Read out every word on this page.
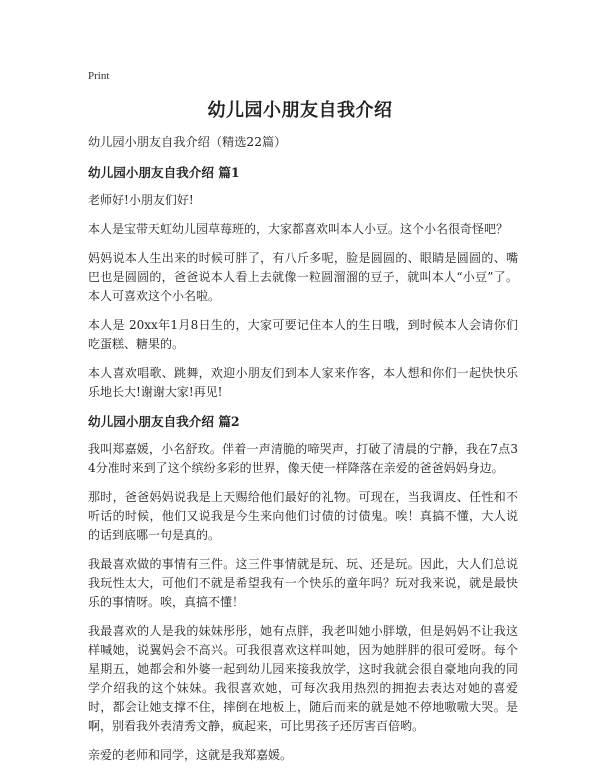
Print
幼儿园小朋友自我介绍

幼儿园小朋友自我介绍（精选22篇）

幼儿园小朋友自我介绍 篇1

老师好!小朋友们好!

本人是宝带天虹幼儿园草莓班的，大家都喜欢叫本人小豆。这个小名很奇怪吧？

妈妈说本人生出来的时候可胖了，有八斤多呢，脸是圆圆的、眼睛是圆圆的、嘴巴也是圆圆的，爸爸说本人看上去就像一粒圆溜溜的豆子，就叫本人“小豆”了。本人可喜欢这个小名啦。

本人是 20xx年1月8日生的，大家可要记住本人的生日哦，到时候本人会请你们吃蛋糕、糖果的。

本人喜欢唱歌、跳舞，欢迎小朋友们到本人家来作客，本人想和你们一起快快乐乐地长大!谢谢大家!再见!

幼儿园小朋友自我介绍 篇2

我叫郑嘉媛，小名舒玫。伴着一声清脆的啼哭声，打破了清晨的宁静，我在7点34分准时来到了这个缤纷多彩的世界，像天使一样降落在亲爱的爸爸妈妈身边。

那时，爸爸妈妈说我是上天赐给他们最好的礼物。可现在，当我调皮、任性和不听话的时候，他们又说我是今生来向他们讨债的讨债鬼。唉！真搞不懂，大人说的话到底哪一句是真的。

我最喜欢做的事情有三件。这三件事情就是玩、玩、还是玩。因此，大人们总说我玩性太大，可他们不就是希望我有一个快乐的童年吗？玩对我来说，就是最快乐的事情呀。唉，真搞不懂！

我最喜欢的人是我的妹妹彤彤，她有点胖，我老叫她小胖墩，但是妈妈不让我这样喊她，说翼妈会不高兴。可我很喜欢这样叫她，因为她胖胖的很可爱呀。每个星期五，她都会和外婆一起到幼儿园来接我放学，这时我就会很自豪地向我的同学介绍我的这个妹妹。我很喜欢她，可每次我用热烈的拥抱去表达对她的喜爱时，都会让她支撑不住，摔倒在地板上，随后而来的就是她不停地嗷嗷大哭。是啊，别看我外表清秀文静，疯起来，可比男孩子还厉害百倍哟。

亲爱的老师和同学，这就是我郑嘉媛。
